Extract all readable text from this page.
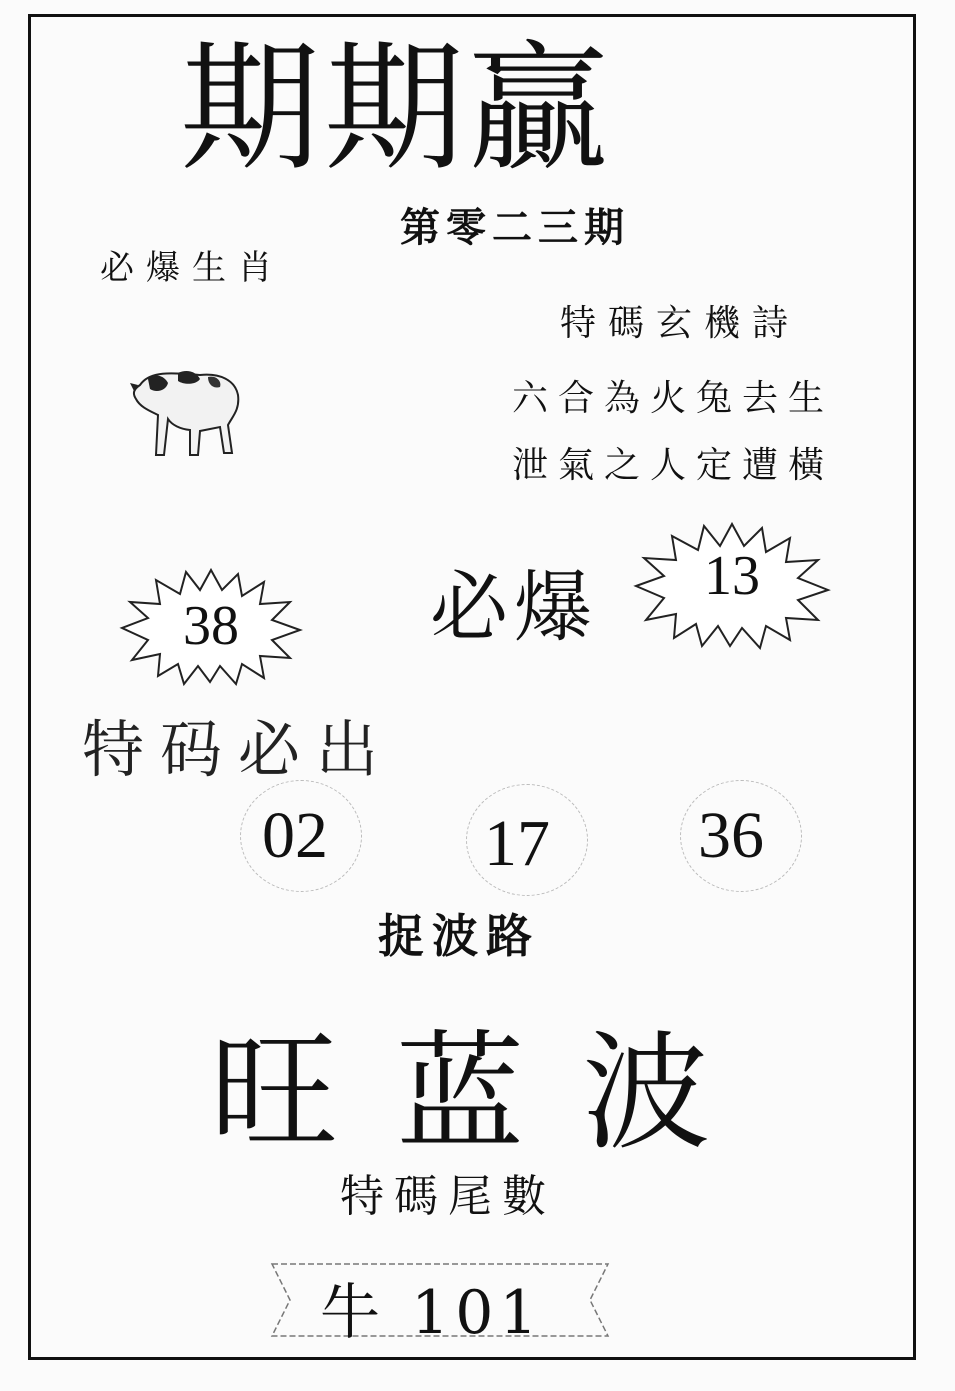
期期贏
第零二三期
必爆生肖
特碼玄機詩
六合為火兔去生
泄氣之人定遭橫
必爆 13
38
特码必出
02 17 36
捉波路
旺蓝波
特碼尾數
牛 101
